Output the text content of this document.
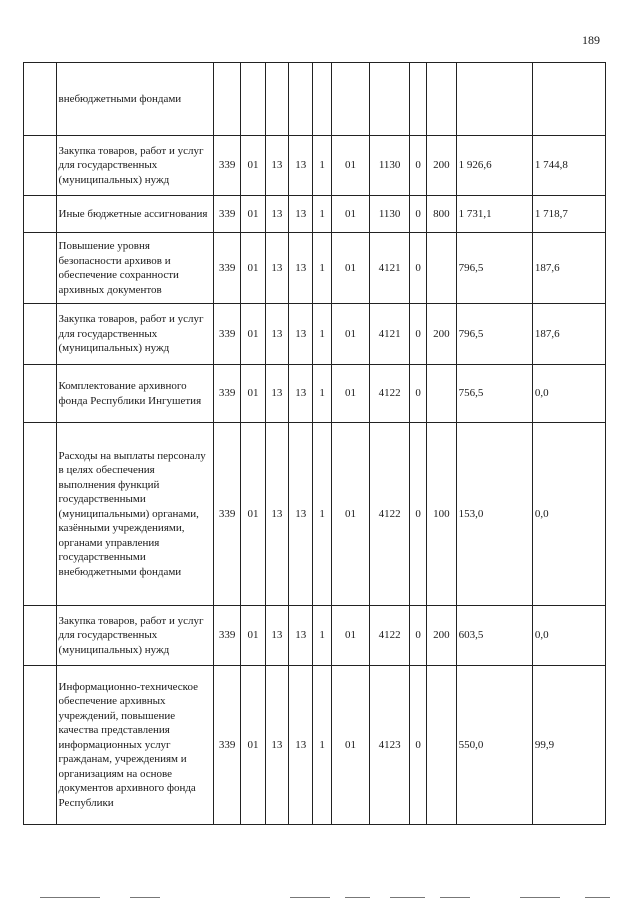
189
	внебюджетными фондами											
	Закупка товаров, работ и услуг для государственных (муниципальных) нужд	339	01	13	13	1	01	1130	0	200	1 926,6	1 744,8
	Иные бюджетные ассигнования	339	01	13	13	1	01	1130	0	800	1 731,1	1 718,7
	Повышение уровня безопасности архивов и обеспечение сохранности архивных документов	339	01	13	13	1	01	4121	0		796,5	187,6
	Закупка товаров, работ и услуг для государственных (муниципальных) нужд	339	01	13	13	1	01	4121	0	200	796,5	187,6
	Комплектование архивного фонда Республики Ингушетия	339	01	13	13	1	01	4122	0		756,5	0,0
	Расходы на выплаты персоналу в целях обеспечения выполнения функций государственными (муниципальными) органами, казёнными учреждениями, органами управления государственными внебюджетными фондами	339	01	13	13	1	01	4122	0	100	153,0	0,0
	Закупка товаров, работ и услуг для государственных (муниципальных) нужд	339	01	13	13	1	01	4122	0	200	603,5	0,0
	Информационно-техническое обеспечение архивных учреждений, повышение качества представления информационных услуг гражданам, учреждениям и организациям на основе документов архивного фонда Республики	339	01	13	13	1	01	4123	0		550,0	99,9
